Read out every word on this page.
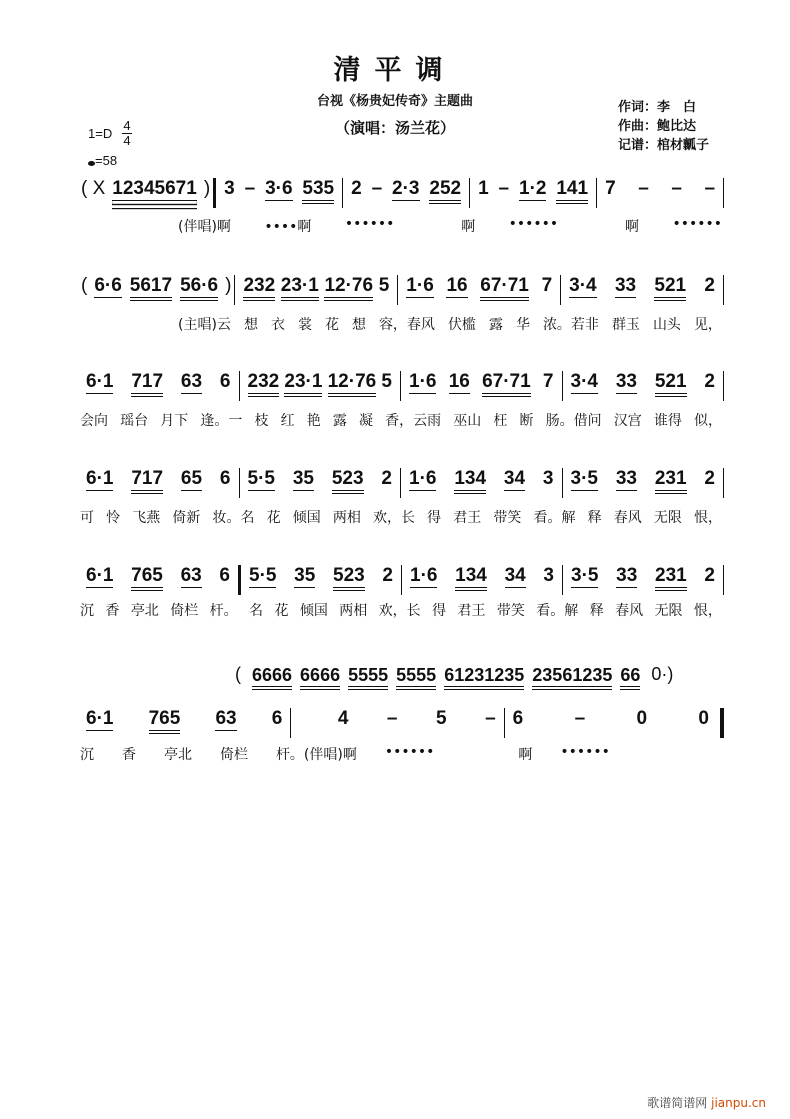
清平调
台视《杨贵妃传奇》主题曲
（演唱：汤兰花）
作词：李　白
作曲：鲍比达
记谱：棺材瓤子
1=D
4
4
=58
( X 12345671 ) 3 – 3·6 535 2 – 2·3 252 1 – 1·2 141 7 – – –
(伴唱)啊 ••••啊 ••••••	啊 ••••••	啊 ••••••
( 6·6 5617 56·6 ) 232 23·1 12·76 5 1·6 16 67·71 7 3·4 33 521 2
(主唱)云 想 衣 裳 花 想 容，春风 伏槛 露 华 浓。若非 群玉 山头 见，
6·1 717 63 6 232 23·1 12·76 5 1·6 16 67·71 7 3·4 33 521 2
会向 瑶台 月下 逢。一 枝 红 艳 露 凝 香，云雨 巫山 枉 断 肠。借问 汉宫 谁得 似，
6·1 717 65 6 5·5 35 523 2 1·6 134 34 3 3·5 33 231 2
可 怜 飞燕 倚新 妆。名 花 倾国 两相 欢，长 得 君王 带笑 看。解 释 春风 无限 恨，
6·1 765 63 6 5·5 35 523 2 1·6 134 34 3 3·5 33 231 2
沉 香 亭北 倚栏 杆。 名 花 倾国 两相 欢，长 得 君王 带笑 看。解 释 春风 无限 恨，
6·1 765 63 6	4 – 5 – 6	–	0	0
沉 香 亭北 倚栏 杆。(伴唱)啊 ••••••	啊 ••••••
( 6666 6666 5555 5555 61231235 23561235 66 0·)
歌谱简谱网 jianpu.cn
